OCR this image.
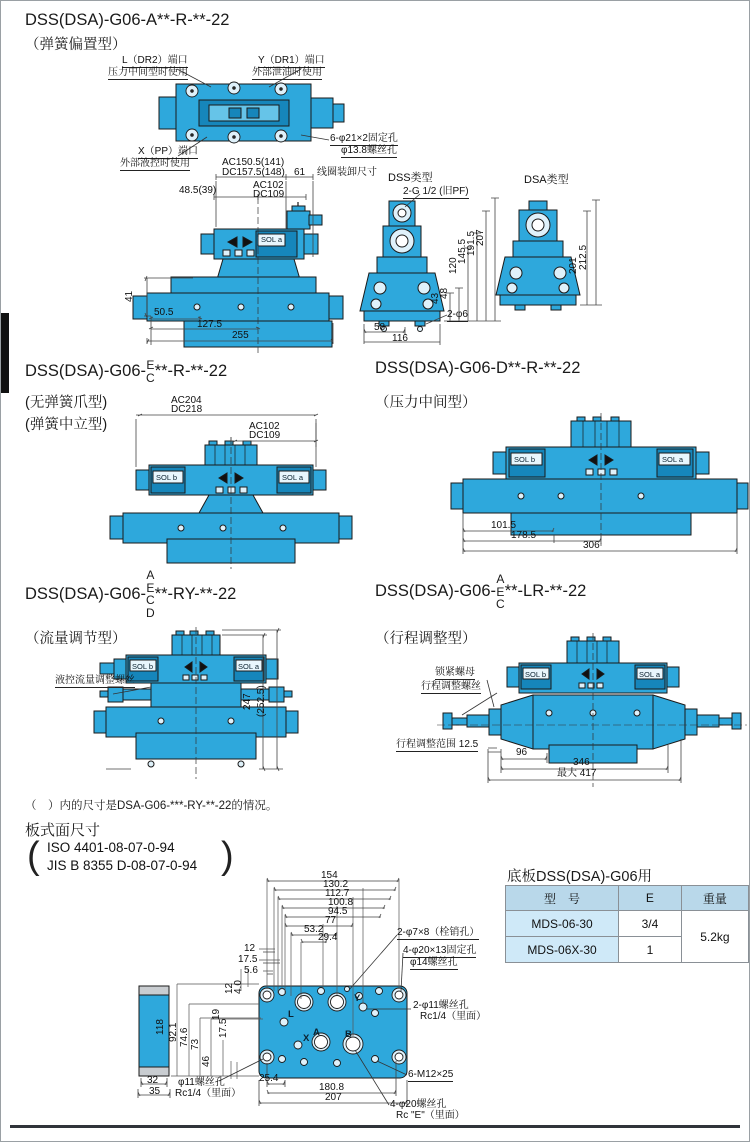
DSS(DSA)-G06-A**-R-**-22
（弹簧偏置型）
L（DR2）端口
压力中间型时使用
Y（DR1）端口
外部泄油时使用
X（PP）端口
外部液控时使用
6-φ21×2固定孔
φ13.8螺丝孔
AC150.5(141)
DC157.5(148) 61 线圈装卸尺寸
48.5(39)	AC102
DC109
SOL a
41
50.5
127.5
255
DSS类型
2-G 1/2 (旧PF)
43
48
120
145.5
191.5
207
2-φ6
58
116
DSA类型
201 212.5
DSS(DSA)-G06- E
C **-R-**-22
(无弹簧爪型)
(弹簧中立型)
AC204
DC218
AC102
DC109
SOL b	SOL a
DSS(DSA)-G06-D**-R-**-22
（压力中间型）
SOL b	SOL a
101.5
178.5
306
DSS(DSA)-G06-
A
E
C
D
**-RY-**-22
（流量调节型）
液控流量调整螺丝
SOL b	SOL a
247 (252.5)
DSS(DSA)-G06-
A
E
C
**-LR-**-22
（行程调整型）
锁紧螺母
行程调整螺丝
SOL b	SOL a
行程调整范围 12.5
96
346
最大 417
（　）内的尺寸是DSA-G06-***-RY-**-22的情况。
板式面尺寸
( ISO 4401-08-07-0-94
JIS B 8355 D-08-07-0-94 )	154
130.2
112.7
100.8
94.5
77
53.2
29.4
12
17.5
5.6
118 92.1 74.6 73
46
19
17.5
12
4.0
2-φ7×8（栓销孔）
4-φ20×13固定孔
φ14螺丝孔
2-φ11螺丝孔
Rc1/4（里面）
φ11螺丝孔
Rc1/4（里面）
6-M12×25
4-φ20螺丝孔
Rc "E"（里面）
L
X
A	B
Y
25.4
180.8
207
32
35
底板DSS(DSA)-G06用
型　号	E	重量
MDS-06-30	3/4	5.2kg
MDS-06X-30	1	
